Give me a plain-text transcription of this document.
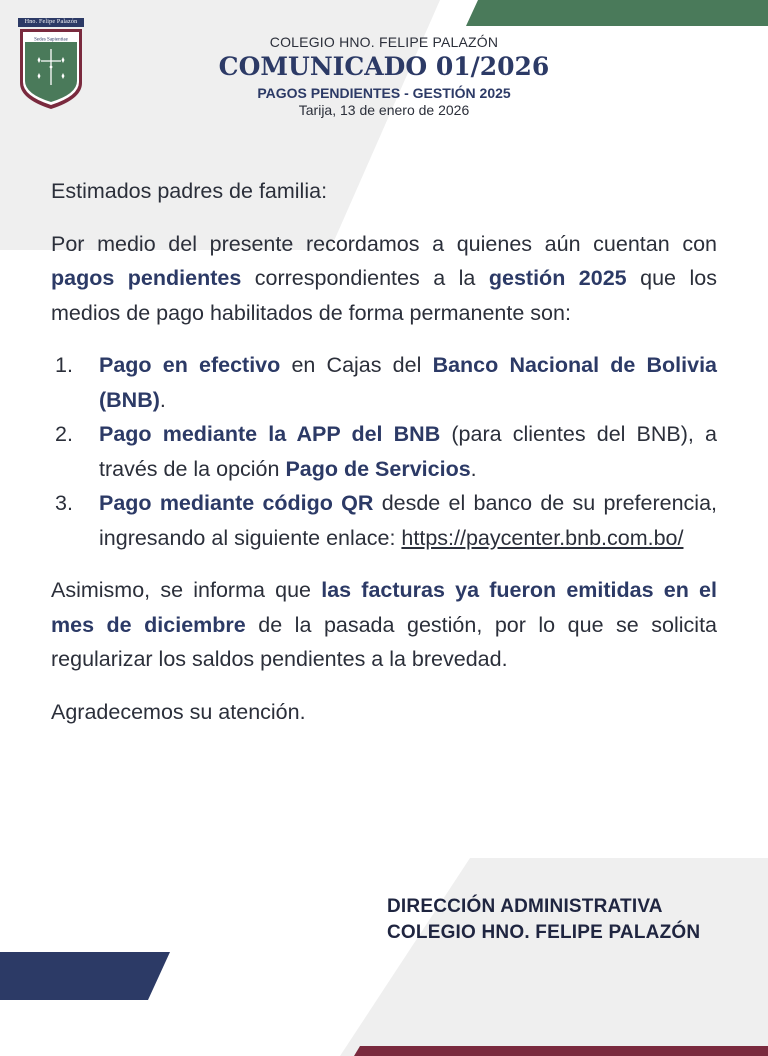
Hno. Felipe Palazón
Sedes Sapientiae	COLEGIO HNO. FELIPE PALAZÓN
COMUNICADO 01/2026
PAGOS PENDIENTES - GESTIÓN 2025
Tarija, 13 de enero de 2026

Estimados padres de familia:

Por medio del presente recordamos a quienes aún cuentan con pagos pendientes correspondientes a la gestión 2025 que los medios de pago habilitados de forma permanente son:

1.	Pago en efectivo en Cajas del Banco Nacional de Bolivia (BNB).
2.	Pago mediante la APP del BNB (para clientes del BNB), a través de la opción Pago de Servicios.
3.	Pago mediante código QR desde el banco de su preferencia, ingresando al siguiente enlace: https://paycenter.bnb.com.bo/

Asimismo, se informa que las facturas ya fueron emitidas en el mes de diciembre de la pasada gestión, por lo que se solicita regularizar los saldos pendientes a la brevedad.

Agradecemos su atención.

DIRECCIÓN ADMINISTRATIVA
COLEGIO HNO. FELIPE PALAZÓN
